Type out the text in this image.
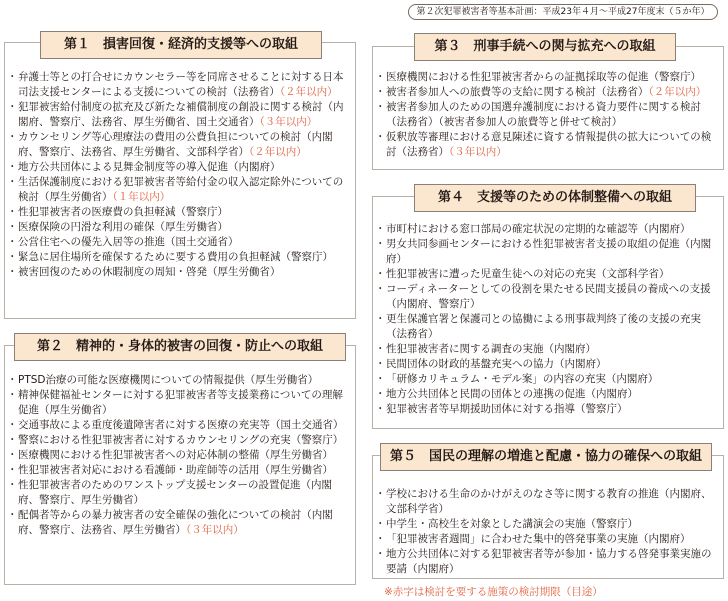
第２次犯罪被害者等基本計画：平成23年４月〜平成27年度末（５か年）
第１　損害回復・経済的支援等への取組
・ 弁護士等との打合せにカウンセラー等を同席させることに対する日本司法支援センターによる支援についての検討（法務省）（２年以内）
・ 犯罪被害給付制度の拡充及び新たな補償制度の創設に関する検討（内閣府、警察庁、法務省、厚生労働省、国土交通省）（３年以内）
・ カウンセリング等心理療法の費用の公費負担についての検討（内閣府、警察庁、法務省、厚生労働省、文部科学省）（２年以内）
・ 地方公共団体による見舞金制度等の導入促進（内閣府）
・ 生活保護制度における犯罪被害者等給付金の収入認定除外についての検討（厚生労働省）（１年以内）
・ 性犯罪被害者の医療費の負担軽減（警察庁）
・ 医療保険の円滑な利用の確保（厚生労働省）
・ 公営住宅への優先入居等の推進（国土交通省）
・ 緊急に居住場所を確保するために要する費用の負担軽減（警察庁）
・ 被害回復のための休暇制度の周知・啓発（厚生労働省）
第２　精神的・身体的被害の回復・防止への取組
・ PTSD治療の可能な医療機関についての情報提供（厚生労働省）
・ 精神保健福祉センターに対する犯罪被害者等支援業務についての理解促進（厚生労働省）
・ 交通事故による重度後遺障害者に対する医療の充実等（国土交通省）
・ 警察における性犯罪被害者に対するカウンセリングの充実（警察庁）
・ 医療機関における性犯罪被害者への対応体制の整備（厚生労働省）
・ 性犯罪被害者対応における看護師・助産師等の活用（厚生労働省）
・ 性犯罪被害者のためのワンストップ支援センターの設置促進（内閣府、警察庁、厚生労働省）
・ 配偶者等からの暴力被害者の安全確保の強化についての検討（内閣府、警察庁、法務省、厚生労働省）（３年以内）
第３　刑事手続への関与拡充への取組
・ 医療機関における性犯罪被害者からの証拠採取等の促進（警察庁）
・ 被害者参加人への旅費等の支給に関する検討（法務省）（２年以内）
・ 被害者参加人のための国選弁護制度における資力要件に関する検討（法務省）（被害者参加人の旅費等と併せて検討）
・ 仮釈放等審理における意見陳述に資する情報提供の拡大についての検討（法務省）（３年以内）
第４　支援等のための体制整備への取組
・ 市町村における窓口部局の確定状況の定期的な確認等（内閣府）
・ 男女共同参画センターにおける性犯罪被害者支援の取組の促進（内閣府）
・ 性犯罪被害に遭った児童生徒への対応の充実（文部科学省）
・ コーディネーターとしての役割を果たせる民間支援員の養成への支援（内閣府、警察庁）
・ 更生保護官署と保護司との協働による刑事裁判終了後の支援の充実（法務省）
・ 性犯罪被害者に関する調査の実施（内閣府）
・ 民間団体の財政的基盤充実への協力（内閣府）
・ 「研修カリキュラム・モデル案」の内容の充実（内閣府）
・ 地方公共団体と民間の団体との連携の促進（内閣府）
・ 犯罪被害者等早期援助団体に対する指導（警察庁）
第５　国民の理解の増進と配慮・協力の確保への取組
・ 学校における生命のかけがえのなさ等に関する教育の推進（内閣府、文部科学省）
・ 中学生・高校生を対象とした講演会の実施（警察庁）
・ 「犯罪被害者週間」に合わせた集中的啓発事業の実施（内閣府）
・ 地方公共団体に対する犯罪被害者等が参加・協力する啓発事業実施の要請（内閣府）
※赤字は検討を要する施策の検討期限（目途）
